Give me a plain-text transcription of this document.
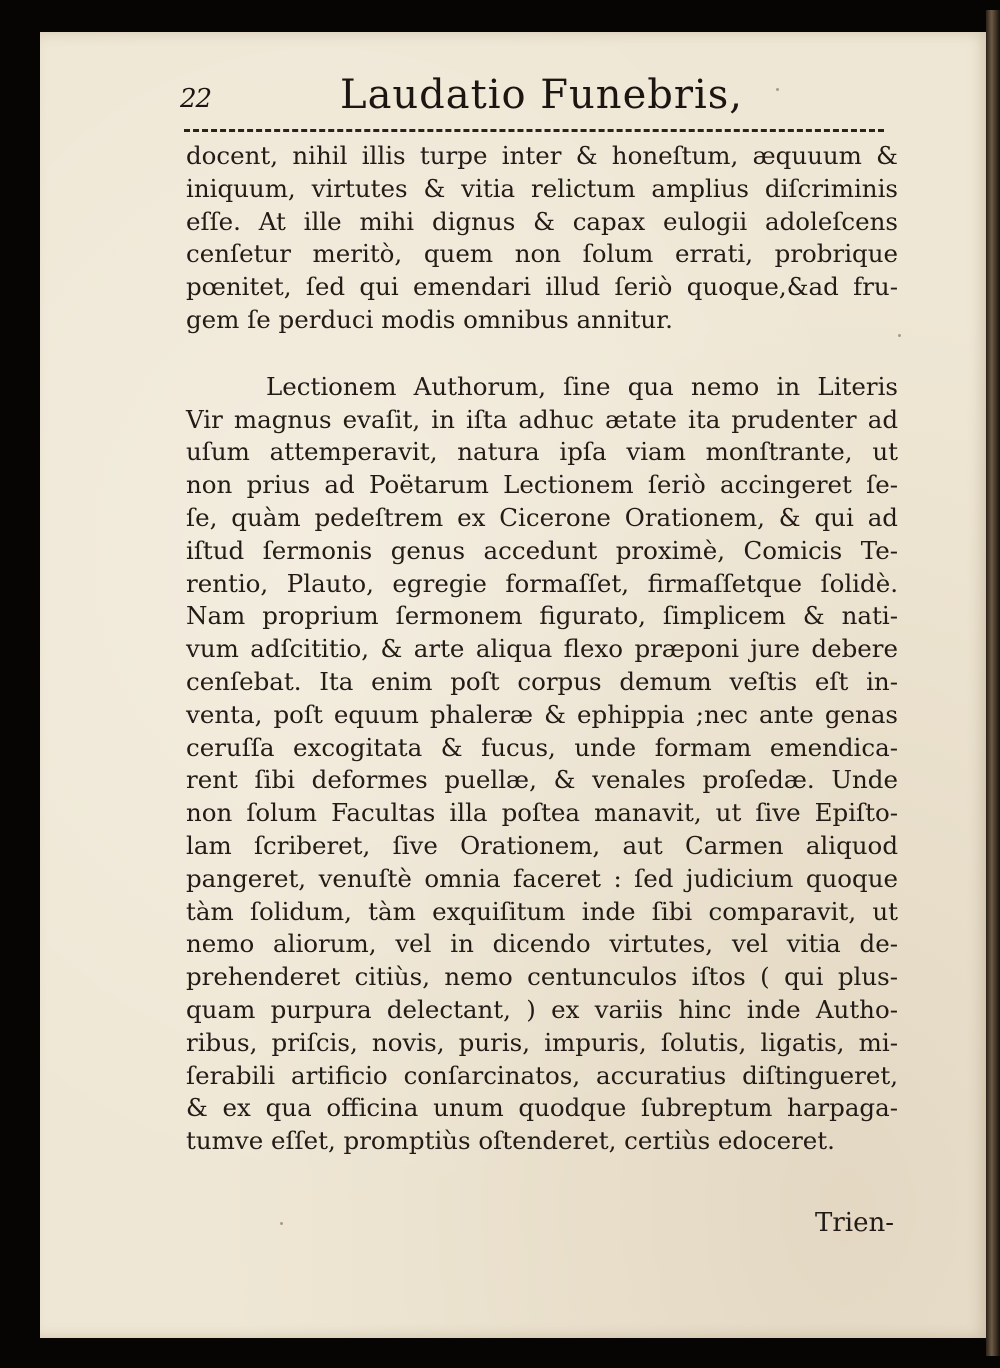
22	Laudatio Funebris,
docent, nihil illis turpe inter & honeſtum, æquuum &
iniquum, virtutes & vitia relictum amplius diſcriminis
eſſe. At ille mihi dignus & capax eulogii adoleſcens
cenſetur meritò, quem non ſolum errati, probrique
pœnitet, ſed qui emendari illud ſeriò quoque,&ad fru-
gem ſe perduci modis omnibus annitur.
Lectionem Authorum, ſine qua nemo in Literis
Vir magnus evaſit, in iſta adhuc ætate ita prudenter ad
uſum attemperavit, natura ipſa viam monſtrante, ut
non prius ad Poëtarum Lectionem ſeriò accingeret ſe-
ſe, quàm pedeſtrem ex Cicerone Orationem, & qui ad
iſtud ſermonis genus accedunt proximè, Comicis Te-
rentio, Plauto, egregie formaſſet, firmaſſetque ſolidè.
Nam proprium ſermonem figurato, ſimplicem & nati-
vum adſcititio, & arte aliqua flexo præponi jure debere
cenſebat. Ita enim poſt corpus demum veſtis eſt in-
venta, poſt equum phaleræ & ephippia ;nec ante genas
ceruſſa excogitata & fucus, unde formam emendica-
rent ſibi deformes puellæ, & venales proſedæ. Unde
non ſolum Facultas illa poſtea manavit, ut ſive Epiſto-
lam ſcriberet, ſive Orationem, aut Carmen aliquod
pangeret, venuſtè omnia faceret : ſed judicium quoque
tàm ſolidum, tàm exquiſitum inde ſibi comparavit, ut
nemo aliorum, vel in dicendo virtutes, vel vitia de-
prehenderet citiùs, nemo centunculos iſtos ( qui plus-
quam purpura delectant, ) ex variis hinc inde Autho-
ribus, priſcis, novis, puris, impuris, ſolutis, ligatis, mi-
ſerabili artificio conſarcinatos, accuratius diſtingueret,
& ex qua officina unum quodque ſubreptum harpaga-
tumve eſſet, promptiùs oſtenderet, certiùs edoceret.
Trien-
